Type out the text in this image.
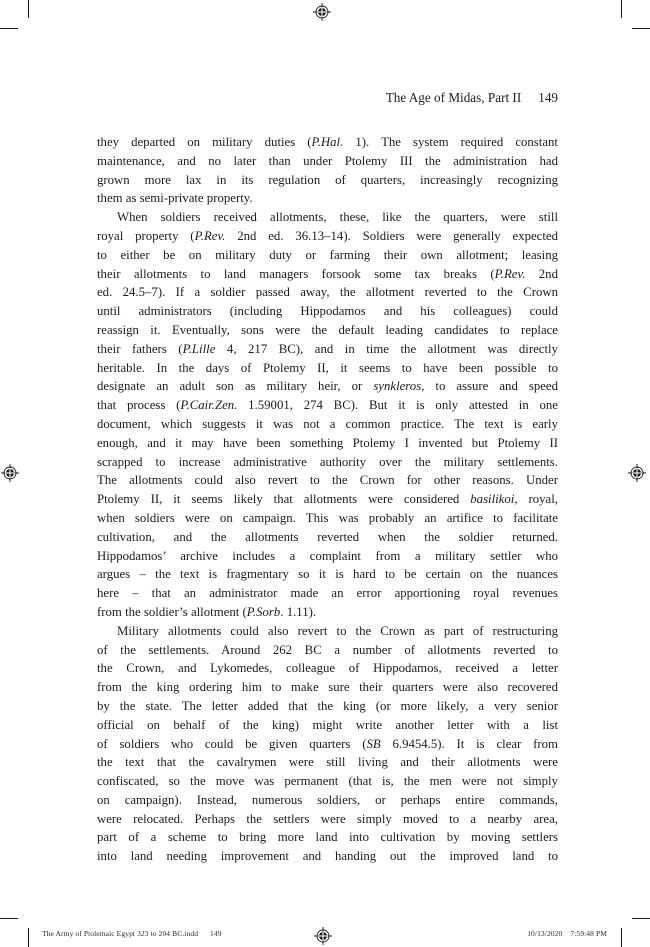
The Age of Midas, Part II 149
they departed on military duties (P.Hal. 1). The system required constant
maintenance, and no later than under Ptolemy III the administration had
grown more lax in its regulation of quarters, increasingly recognizing
them as semi-private property.
When soldiers received allotments, these, like the quarters, were still
royal property (P.Rev. 2nd ed. 36.13–14). Soldiers were generally expected
to either be on military duty or farming their own allotment; leasing
their allotments to land managers forsook some tax breaks (P.Rev. 2nd
ed. 24.5–7). If a soldier passed away, the allotment reverted to the Crown
until administrators (including Hippodamos and his colleagues) could
reassign it. Eventually, sons were the default leading candidates to replace
their fathers (P.Lille 4, 217 BC), and in time the allotment was directly
heritable. In the days of Ptolemy II, it seems to have been possible to
designate an adult son as military heir, or synkleros, to assure and speed
that process (P.Cair.Zen. 1.59001, 274 BC). But it is only attested in one
document, which suggests it was not a common practice. The text is early
enough, and it may have been something Ptolemy I invented but Ptolemy II
scrapped to increase administrative authority over the military settlements.
The allotments could also revert to the Crown for other reasons. Under
Ptolemy II, it seems likely that allotments were considered basilikoi, royal,
when soldiers were on campaign. This was probably an artifice to facilitate
cultivation, and the allotments reverted when the soldier returned.
Hippodamos’ archive includes a complaint from a military settler who
argues – the text is fragmentary so it is hard to be certain on the nuances
here – that an administrator made an error apportioning royal revenues
from the soldier’s allotment (P.Sorb. 1.11).
Military allotments could also revert to the Crown as part of restructuring
of the settlements. Around 262 BC a number of allotments reverted to
the Crown, and Lykomedes, colleague of Hippodamos, received a letter
from the king ordering him to make sure their quarters were also recovered
by the state. The letter added that the king (or more likely, a very senior
official on behalf of the king) might write another letter with a list
of soldiers who could be given quarters (SB 6.9454.5). It is clear from
the text that the cavalrymen were still living and their allotments were
confiscated, so the move was permanent (that is, the men were not simply
on campaign). Instead, numerous soldiers, or perhaps entire commands,
were relocated. Perhaps the settlers were simply moved to a nearby area,
part of a scheme to bring more land into cultivation by moving settlers
into land needing improvement and handing out the improved land to
The Army of Ptolemaic Egypt 323 to 204 BC.indd 149	10/13/2020 7:59:48 PM
